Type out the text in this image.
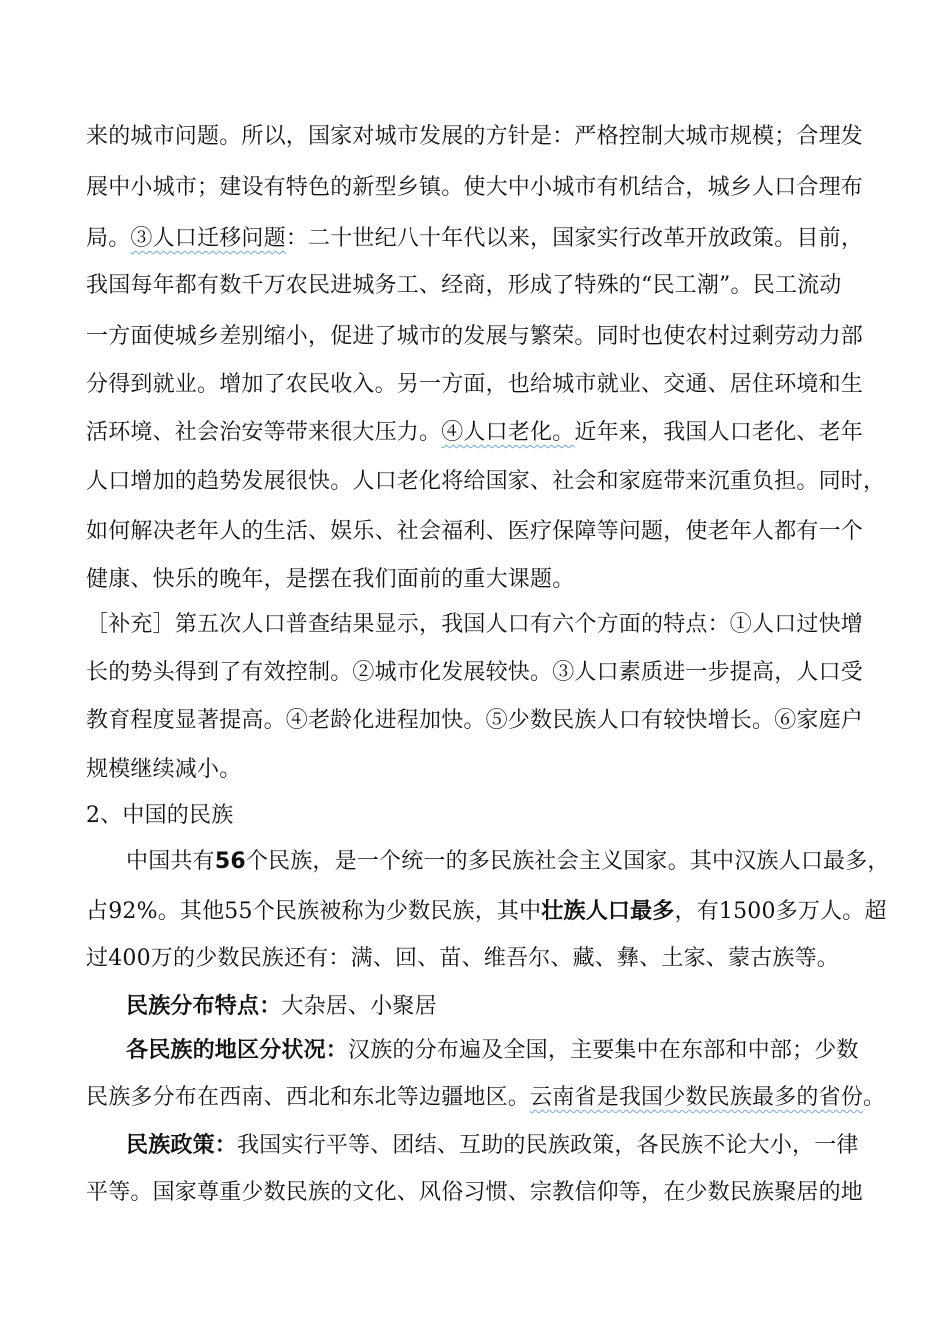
来的城市问题。所以，国家对城市发展的方针是：严格控制大城市规模；合理发
展中小城市；建设有特色的新型乡镇。使大中小城市有机结合，城乡人口合理布
局。③人口迁移问题：二十世纪八十年代以来，国家实行改革开放政策。目前，
我国每年都有数千万农民进城务工、经商，形成了特殊的“民工潮”。民工流动
一方面使城乡差别缩小，促进了城市的发展与繁荣。同时也使农村过剩劳动力部
分得到就业。增加了农民收入。另一方面，也给城市就业、交通、居住环境和生
活环境、社会治安等带来很大压力。④人口老化。近年来，我国人口老化、老年
人口增加的趋势发展很快。人口老化将给国家、社会和家庭带来沉重负担。同时，
如何解决老年人的生活、娱乐、社会福利、医疗保障等问题，使老年人都有一个
健康、快乐的晚年，是摆在我们面前的重大课题。
［补充］第五次人口普查结果显示，我国人口有六个方面的特点：①人口过快增
长的势头得到了有效控制。②城市化发展较快。③人口素质进一步提高，人口受
教育程度显著提高。④老龄化进程加快。⑤少数民族人口有较快增长。⑥家庭户
规模继续减小。
2、中国的民族
中国共有56个民族，是一个统一的多民族社会主义国家。其中汉族人口最多，
占92%。其他55个民族被称为少数民族，其中壮族人口最多，有1500多万人。超
过400万的少数民族还有：满、回、苗、维吾尔、藏、彝、土家、蒙古族等。
民族分布特点：大杂居、小聚居
各民族的地区分状况：汉族的分布遍及全国，主要集中在东部和中部；少数
民族多分布在西南、西北和东北等边疆地区。云南省是我国少数民族最多的省份。
民族政策：我国实行平等、团结、互助的民族政策，各民族不论大小，一律
平等。国家尊重少数民族的文化、风俗习惯、宗教信仰等，在少数民族聚居的地
